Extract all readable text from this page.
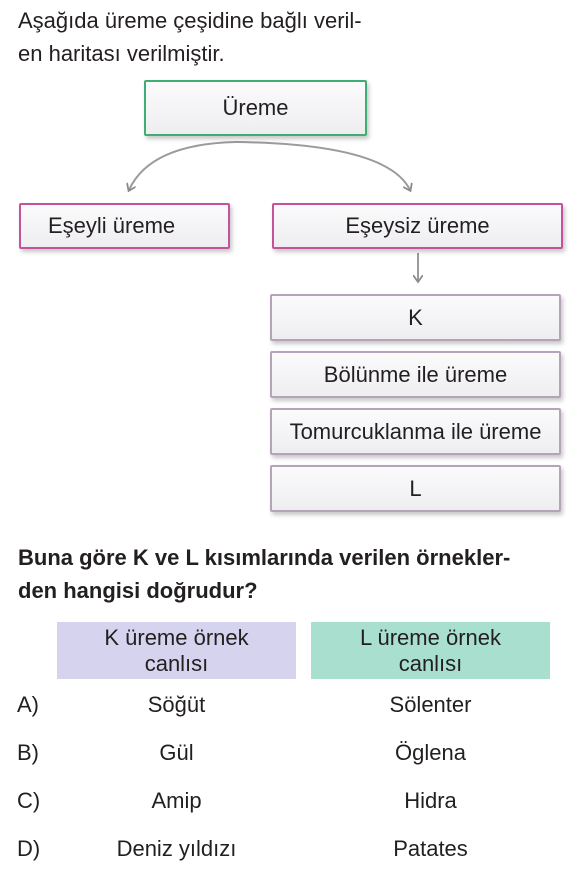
Aşağıda üreme çeşidine bağlı veril-
en haritası verilmiştir.

Üreme
Eşeyli üreme	Eşeysiz üreme
K
Bölünme ile üreme
Tomurcuklanma ile üreme
L

Buna göre K ve L kısımlarında verilen örnekler-
den hangisi doğrudur?

K üreme örnek canlısı
L üreme örnek canlısı
A)	Söğüt	Sölenter
B)	Gül	Öglena
C)	Amip	Hidra
D)	Deniz yıldızı	Patates
